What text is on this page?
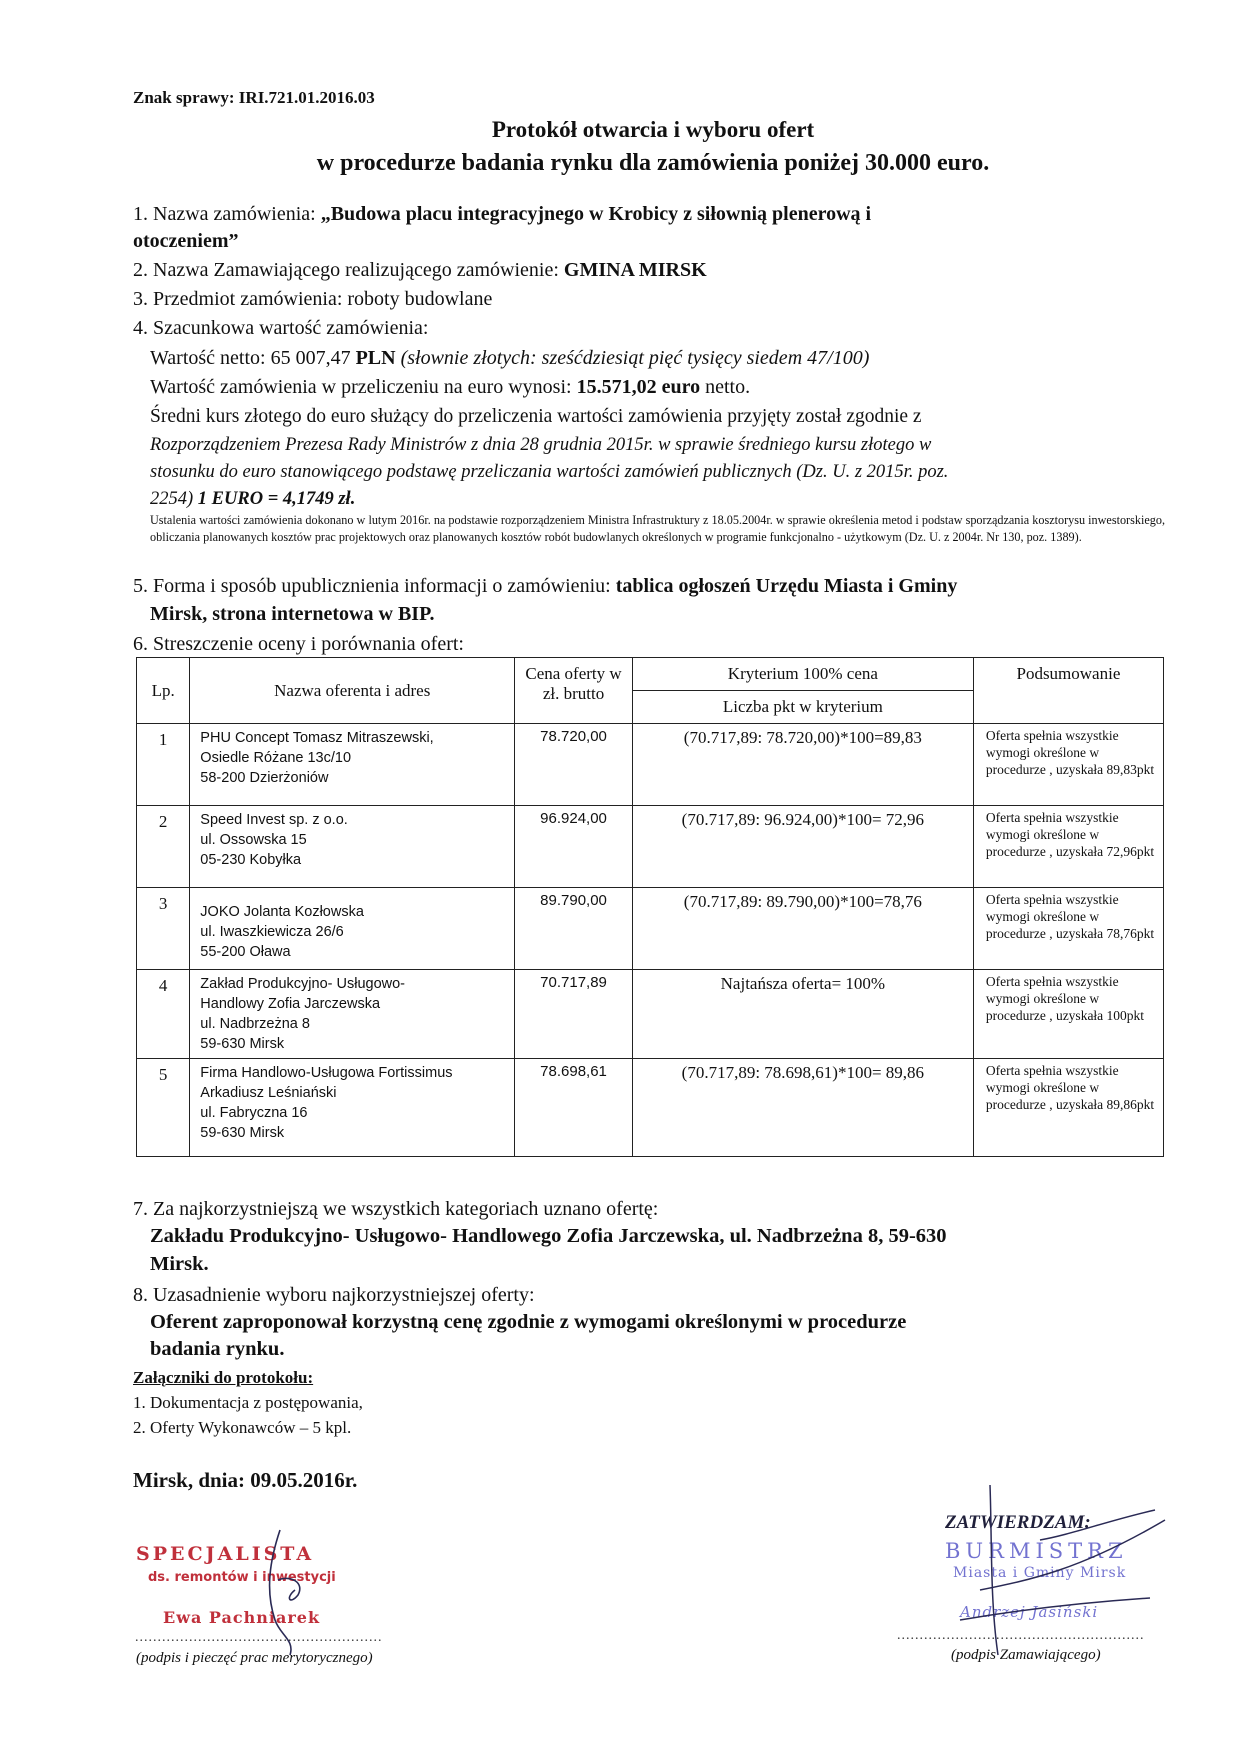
Znak sprawy: IRI.721.01.2016.03
Protokół otwarcia i wyboru ofert
w procedurze badania rynku dla zamówienia poniżej 30.000 euro.
1. Nazwa zamówienia: „Budowa placu integracyjnego w Krobicy z siłownią plenerową i
otoczeniem”
2. Nazwa Zamawiającego realizującego zamówienie: GMINA MIRSK
3. Przedmiot zamówienia: roboty budowlane
4. Szacunkowa wartość zamówienia:
Wartość netto: 65 007,47 PLN (słownie złotych: sześćdziesiąt pięć tysięcy siedem 47/100)
Wartość zamówienia w przeliczeniu na euro wynosi: 15.571,02 euro netto.
Średni kurs złotego do euro służący do przeliczenia wartości zamówienia przyjęty został zgodnie z
Rozporządzeniem Prezesa Rady Ministrów z dnia 28 grudnia 2015r. w sprawie średniego kursu złotego w
stosunku do euro stanowiącego podstawę przeliczania wartości zamówień publicznych (Dz. U. z 2015r. poz.
2254) 1 EURO = 4,1749 zł.
Ustalenia wartości zamówienia dokonano w lutym 2016r. na podstawie rozporządzeniem Ministra Infrastruktury z 18.05.2004r. w sprawie określenia metod i podstaw sporządzania kosztorysu inwestorskiego, obliczania planowanych kosztów prac projektowych oraz planowanych kosztów robót budowlanych określonych w programie funkcjonalno - użytkowym (Dz. U. z 2004r. Nr 130, poz. 1389).
5. Forma i sposób upublicznienia informacji o zamówieniu: tablica ogłoszeń Urzędu Miasta i Gminy
Mirsk, strona internetowa w BIP.
6. Streszczenie oceny i porównania ofert:
Lp.	Nazwa oferenta i adres	Cena oferty w zł. brutto	Kryterium 100% cena	Podsumowanie
			Liczba pkt w kryterium	
1	PHU Concept Tomasz Mitraszewski,
Osiedle Różane 13c/10
58-200 Dzierżoniów	78.720,00	(70.717,89: 78.720,00)*100=89,83	Oferta spełnia wszystkie wymogi określone w procedurze , uzyskała 89,83pkt
2	Speed Invest sp. z o.o.
ul. Ossowska 15
05-230 Kobyłka	96.924,00	(70.717,89: 96.924,00)*100= 72,96	Oferta spełnia wszystkie wymogi określone w procedurze , uzyskała 72,96pkt
3	JOKO Jolanta Kozłowska
ul. Iwaszkiewicza 26/6
55-200 Oława	89.790,00	(70.717,89: 89.790,00)*100=78,76	Oferta spełnia wszystkie wymogi określone w procedurze , uzyskała 78,76pkt
4	Zakład Produkcyjno- Usługowo-
Handlowy Zofia Jarczewska
ul. Nadbrzeżna 8
59-630 Mirsk	70.717,89	Najtańsza oferta= 100%	Oferta spełnia wszystkie wymogi określone w procedurze , uzyskała 100pkt
5	Firma Handlowo-Usługowa Fortissimus
Arkadiusz Leśniański
ul. Fabryczna 16
59-630 Mirsk	78.698,61	(70.717,89: 78.698,61)*100= 89,86	Oferta spełnia wszystkie wymogi określone w procedurze , uzyskała 89,86pkt
7. Za najkorzystniejszą we wszystkich kategoriach uznano ofertę:
Zakładu Produkcyjno- Usługowo- Handlowego Zofia Jarczewska, ul. Nadbrzeżna 8, 59-630
Mirsk.
8. Uzasadnienie wyboru najkorzystniejszej oferty:
Oferent zaproponował korzystną cenę zgodnie z wymogami określonymi w procedurze
badania rynku.
Załączniki do protokołu:
1. Dokumentacja z postępowania,
2. Oferty Wykonawców – 5 kpl.
Mirsk, dnia: 09.05.2016r.
SPECJALISTA
ds. remontów i inwestycji
Ewa Pachniarek
.......................................................
(podpis i pieczęć prac merytorycznego)
ZATWIERDZAM:
BURMISTRZ
Miasta i Gminy Mirsk
Andrzej Jasiński
.......................................................
(podpis Zamawiającego)
